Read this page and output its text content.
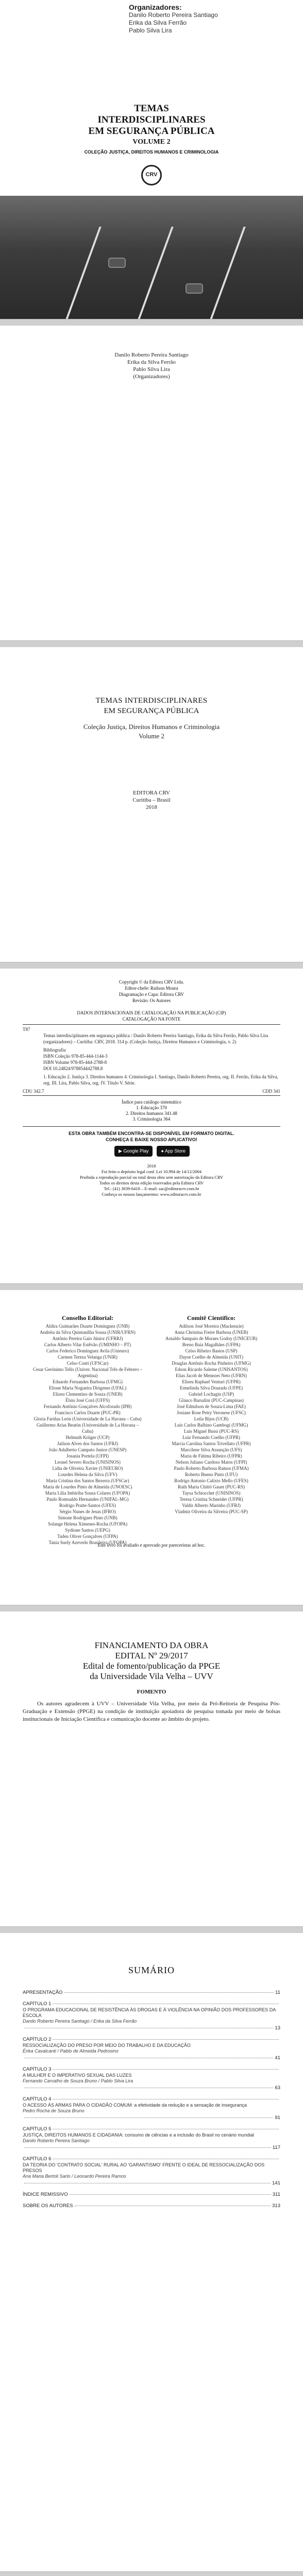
Organizadores:
Danilo Roberto Pereira Santiago
Erika da Silva Ferrão
Pablo Silva Lira
TEMAS
INTERDISCIPLINARES
EM SEGURANÇA PÚBLICA
VOLUME 2
COLEÇÃO JUSTIÇA, DIREITOS HUMANOS E CRIMINOLOGIA
CRV
Danilo Roberto Pereira Santiago
Erika da Silva Ferrão
Pablo Silva Lira
(Organizadores)
TEMAS INTERDISCIPLINARES
EM SEGURANÇA PÚBLICA
Coleção Justiça, Direitos Humanos e Criminologia
Volume 2
EDITORA CRV
Curitiba – Brasil
2018
Copyright © da Editora CRV Ltda.
Editor-chefe: Railson Moura
Diagramação e Capa: Editora CRV
Revisão: Os Autores
DADOS INTERNACIONAIS DE CATALOGAÇÃO NA PUBLICAÇÃO (CIP)
CATALOGAÇÃO NA FONTE
T87
Temas interdisciplinares em segurança pública / Danilo Roberto Pereira Santiago, Erika da Silva Ferrão, Pablo Silva Lira (organizadores) – Curitiba: CRV, 2018. 314 p. (Coleção Justiça, Direitos Humanos e Criminologia, v. 2)
Bibliografia
ISBN Coleção 978-85-444-1144-3
ISBN Volume 978-85-444-2788-8
DOI 10.24824/978854442788.8
1. Educação 2. Justiça 3. Direitos humanos 4. Criminologia I. Santiago, Danilo Roberto Pereira, org. II. Ferrão, Erika da Silva, org. III. Lira, Pablo Silva, org. IV. Título V. Série.
CDU 342.7	CDD 341
Índice para catálogo sistemático
1. Educação 370
2. Direitos humanos 341.48
3. Criminologia 364
ESTA OBRA TAMBÉM ENCONTRA-SE DISPONÍVEL EM FORMATO DIGITAL.
CONHEÇA E BAIXE NOSSO APLICATIVO!
▶ Google Play	● App Store
2018
Foi feito o depósito legal conf. Lei 10.994 de 14/12/2004
Proibida a reprodução parcial ou total desta obra sem autorização da Editora CRV
Todos os direitos desta edição reservados pela Editora CRV
Tel.: (41) 3039-6418 – E-mail: sac@editoracrv.com.br
Conheça os nossos lançamentos: www.editoracrv.com.br
Conselho Editorial:
Aldira Guimarães Duarte Domínguez (UNB)
Andréia da Silva Quintanilha Sousa (UNIR/UFRN)
Antônio Pereira Gaio Júnior (UFRRJ)
Carlos Alberto Vilar Estêvão (UMINHO – PT)
Carlos Federico Domínguez Avila (Unieuro)
Carmen Tereza Velanga (UNIR)
Celso Conti (UFSCar)
Cesar Gerónimo Tello (Univer. Nacional Três de Febrero – Argentina)
Eduardo Fernandes Barbosa (UFMG)
Elione Maria Nogueira Diógenes (UFAL)
Elizeu Clementino de Souza (UNEB)
Élsio José Corá (UFFS)
Fernando Antônio Gonçalves Alcoforado (IPB)
Francisco Carlos Duarte (PUC-PR)
Gloria Fariñas León (Universidade de La Havana – Cuba)
Guillermo Arias Beatón (Universidade de La Havana – Cuba)
Helmuth Krüger (UCP)
Jailson Alves dos Santos (UFRJ)
João Adalberto Campato Junior (UNESP)
Josania Portela (UFPI)
Leonel Severo Rocha (UNISINOS)
Lídia de Oliveira Xavier (UNIEURO)
Lourdes Helena da Silva (UFV)
Maria Cristina dos Santos Bezerra (UFSCar)
Maria de Lourdes Pinto de Almeida (UNOESC)
Maria Lília Imbiriba Sousa Colares (UFOPA)
Paulo Romualdo Hernandes (UNIFAL-MG)
Rodrigo Pratte-Santos (UFES)
Sérgio Nunes de Jesus (IFRO)
Simone Rodrigues Pinto (UNB)
Solange Helena Ximenes-Rocha (UFOPA)
Sydione Santos (UEPG)
Tadeu Oliver Gonçalves (UFPA)
Tania Suely Azevedo Brasileiro (UFOPA)
Comitê Científico:
Adilson José Moreira (Mackenzie)
Anna Christina Freire Barbosa (UNEB)
Arnaldo Sampaio de Moraes Godoy (UNICEUB)
Breno Baía Magalhães (UFPA)
Celso Ribeiro Bastos (USP)
Dayse Coelho de Almeida (UNIT)
Douglas Antônio Rocha Pinheiro (UFMG)
Edson Ricardo Saleme (UNISANTOS)
Elias Jacob de Menezes Neto (UFRN)
Eliseu Raphael Venturi (UFPR)
Ermelinda Silva Dourado (UFPE)
Gabriel Lochagin (USP)
Glauco Barsalini (PUC-Campinas)
José Edmilson de Souza-Lima (FAE)
Josiane Rose Petry Veronese (UFSC)
Leila Bijos (UCB)
Luís Carlos Balbino Gambogi (UFMG)
Luis Miguel Bussi (PUC-RS)
Luiz Fernando Coelho (UFPR)
Marcia Carolina Santos Trivellato (UFPR)
Marcilene Silva Assunção (UFS)
Maria de Fátima Ribeiro (UFPR)
Nelson Juliano Cardoso Matos (UFPI)
Paulo Roberto Barbosa Ramos (UFMA)
Roberto Bueno Pinto (UFU)
Rodrigo Antonio Calixto Mello (UFES)
Ruth Maria Chittó Gauer (PUC-RS)
Taysa Schiocchet (UNISINOS)
Teresa Cristina Schneider (UFPR)
Valdir Alberto Marinho (UFRJ)
Vladmir Oliveira da Silveira (PUC-SP)
Este livro foi avaliado e aprovado por pareceristas ad hoc.
FINANCIAMENTO DA OBRA
EDITAL Nº 29/2017
Edital de fomento/publicação da PPGE
da Universidade Vila Velha – UVV
FOMENTO
Os autores agradecem à UVV – Universidade Vila Velha, por meio da Pró-Reitoria de Pesquisa Pós-Graduação e Extensão (PPGE) na condição de instituição apoiadora de pesquisa tomada por meio de bolsas institucionais de Iniciação Científica e comunicação docente ao âmbito do projeto.
SUMÁRIO
APRESENTAÇÃO	11
CAPÍTULO 1
O PROGRAMA EDUCACIONAL DE RESISTÊNCIA ÀS DROGAS E À VIOLÊNCIA NA OPINIÃO DOS PROFESSORES DA ESCOLA
Danilo Roberto Pereira Santiago / Erika da Silva Ferrão
13
CAPÍTULO 2
RESSOCIALIZAÇÃO DO PRESO POR MEIO DO TRABALHO E DA EDUCAÇÃO
Érika Cavalcanti / Pablo de Almeida Pedrosino
41
CAPÍTULO 3
A MULHER E O IMPERATIVO SEXUAL DAS LUZES
Fernando Carvalho de Souza Bruno / Pablo Silva Lira
63
CAPÍTULO 4
O ACESSO ÀS ARMAS PARA O CIDADÃO COMUM: a efetividade da redução e a sensação de insegurança
Pedro Rocha de Souza Bruno
91
CAPÍTULO 5
JUSTIÇA, DIREITOS HUMANOS E CIDADANIA: consumo de ciências e a inclusão do Brasil no cenário mundial
Danilo Roberto Pereira Santiago
117
CAPÍTULO 6
DA TEORIA DO 'CONTRATO SOCIAL' RURAL AO 'GARANTISMO' FRENTE O IDEAL DE RESSOCIALIZAÇÃO DOS PRESOS
Ana Maria Bertoli Sarlo / Leonardo Pereira Ramos
141
ÍNDICE REMISSIVO	311
SOBRE OS AUTORES	313
